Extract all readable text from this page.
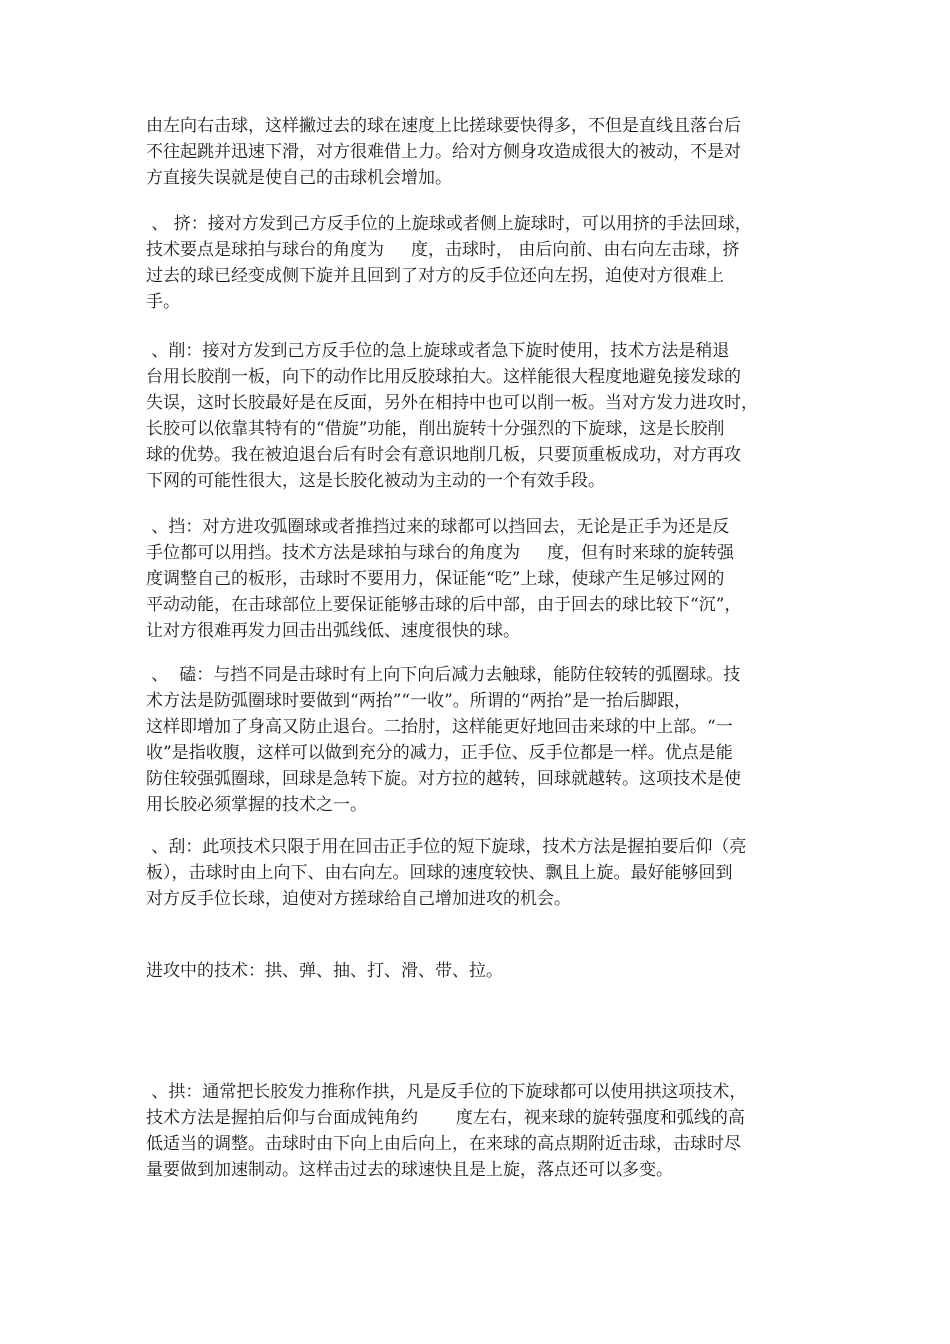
由左向右击球，这样撇过去的球在速度上比搓球要快得多，不但是直线且落台后
不往起跳并迅速下滑，对方很难借上力。给对方侧身攻造成很大的被动，不是对
方直接失误就是使自己的击球机会增加。
、 挤：接对方发到己方反手位的上旋球或者侧上旋球时，可以用挤的手法回球，
技术要点是球拍与球台的角度为     度，击球时， 由后向前、由右向左击球，挤
过去的球已经变成侧下旋并且回到了对方的反手位还向左拐，迫使对方很难上
手。
、削：接对方发到己方反手位的急上旋球或者急下旋时使用，技术方法是稍退
台用长胶削一板，向下的动作比用反胶球拍大。这样能很大程度地避免接发球的
失误，这时长胶最好是在反面，另外在相持中也可以削一板。当对方发力进攻时，
长胶可以依靠其特有的“借旋”功能，削出旋转十分强烈的下旋球，这是长胶削
球的优势。我在被迫退台后有时会有意识地削几板，只要顶重板成功，对方再攻
下网的可能性很大，这是长胶化被动为主动的一个有效手段。
、挡：对方进攻弧圈球或者推挡过来的球都可以挡回去，无论是正手为还是反
手位都可以用挡。技术方法是球拍与球台的角度为     度，但有时来球的旋转强
度调整自己的板形，击球时不要用力，保证能“吃”上球，使球产生足够过网的
平动动能，在击球部位上要保证能够击球的后中部，由于回去的球比较下“沉”，
让对方很难再发力回击出弧线低、速度很快的球。
、  磕：与挡不同是击球时有上向下向后减力去触球，能防住较转的弧圈球。技
术方法是防弧圈球时要做到“两抬”“一收”。所谓的“两抬”是一抬后脚跟，
这样即增加了身高又防止退台。二抬肘，这样能更好地回击来球的中上部。“一
收”是指收腹，这样可以做到充分的减力，正手位、反手位都是一样。优点是能
防住较强弧圈球，回球是急转下旋。对方拉的越转，回球就越转。这项技术是使
用长胶必须掌握的技术之一。
、刮：此项技术只限于用在回击正手位的短下旋球，技术方法是握拍要后仰（亮
板），击球时由上向下、由右向左。回球的速度较快、飘且上旋。最好能够回到
对方反手位长球，迫使对方搓球给自己增加进攻的机会。
进攻中的技术：拱、弹、抽、打、滑、带、拉。
、拱：通常把长胶发力推称作拱，凡是反手位的下旋球都可以使用拱这项技术，
技术方法是握拍后仰与台面成钝角约       度左右，视来球的旋转强度和弧线的高
低适当的调整。击球时由下向上由后向上，在来球的高点期附近击球，击球时尽
量要做到加速制动。这样击过去的球速快且是上旋，落点还可以多变。
